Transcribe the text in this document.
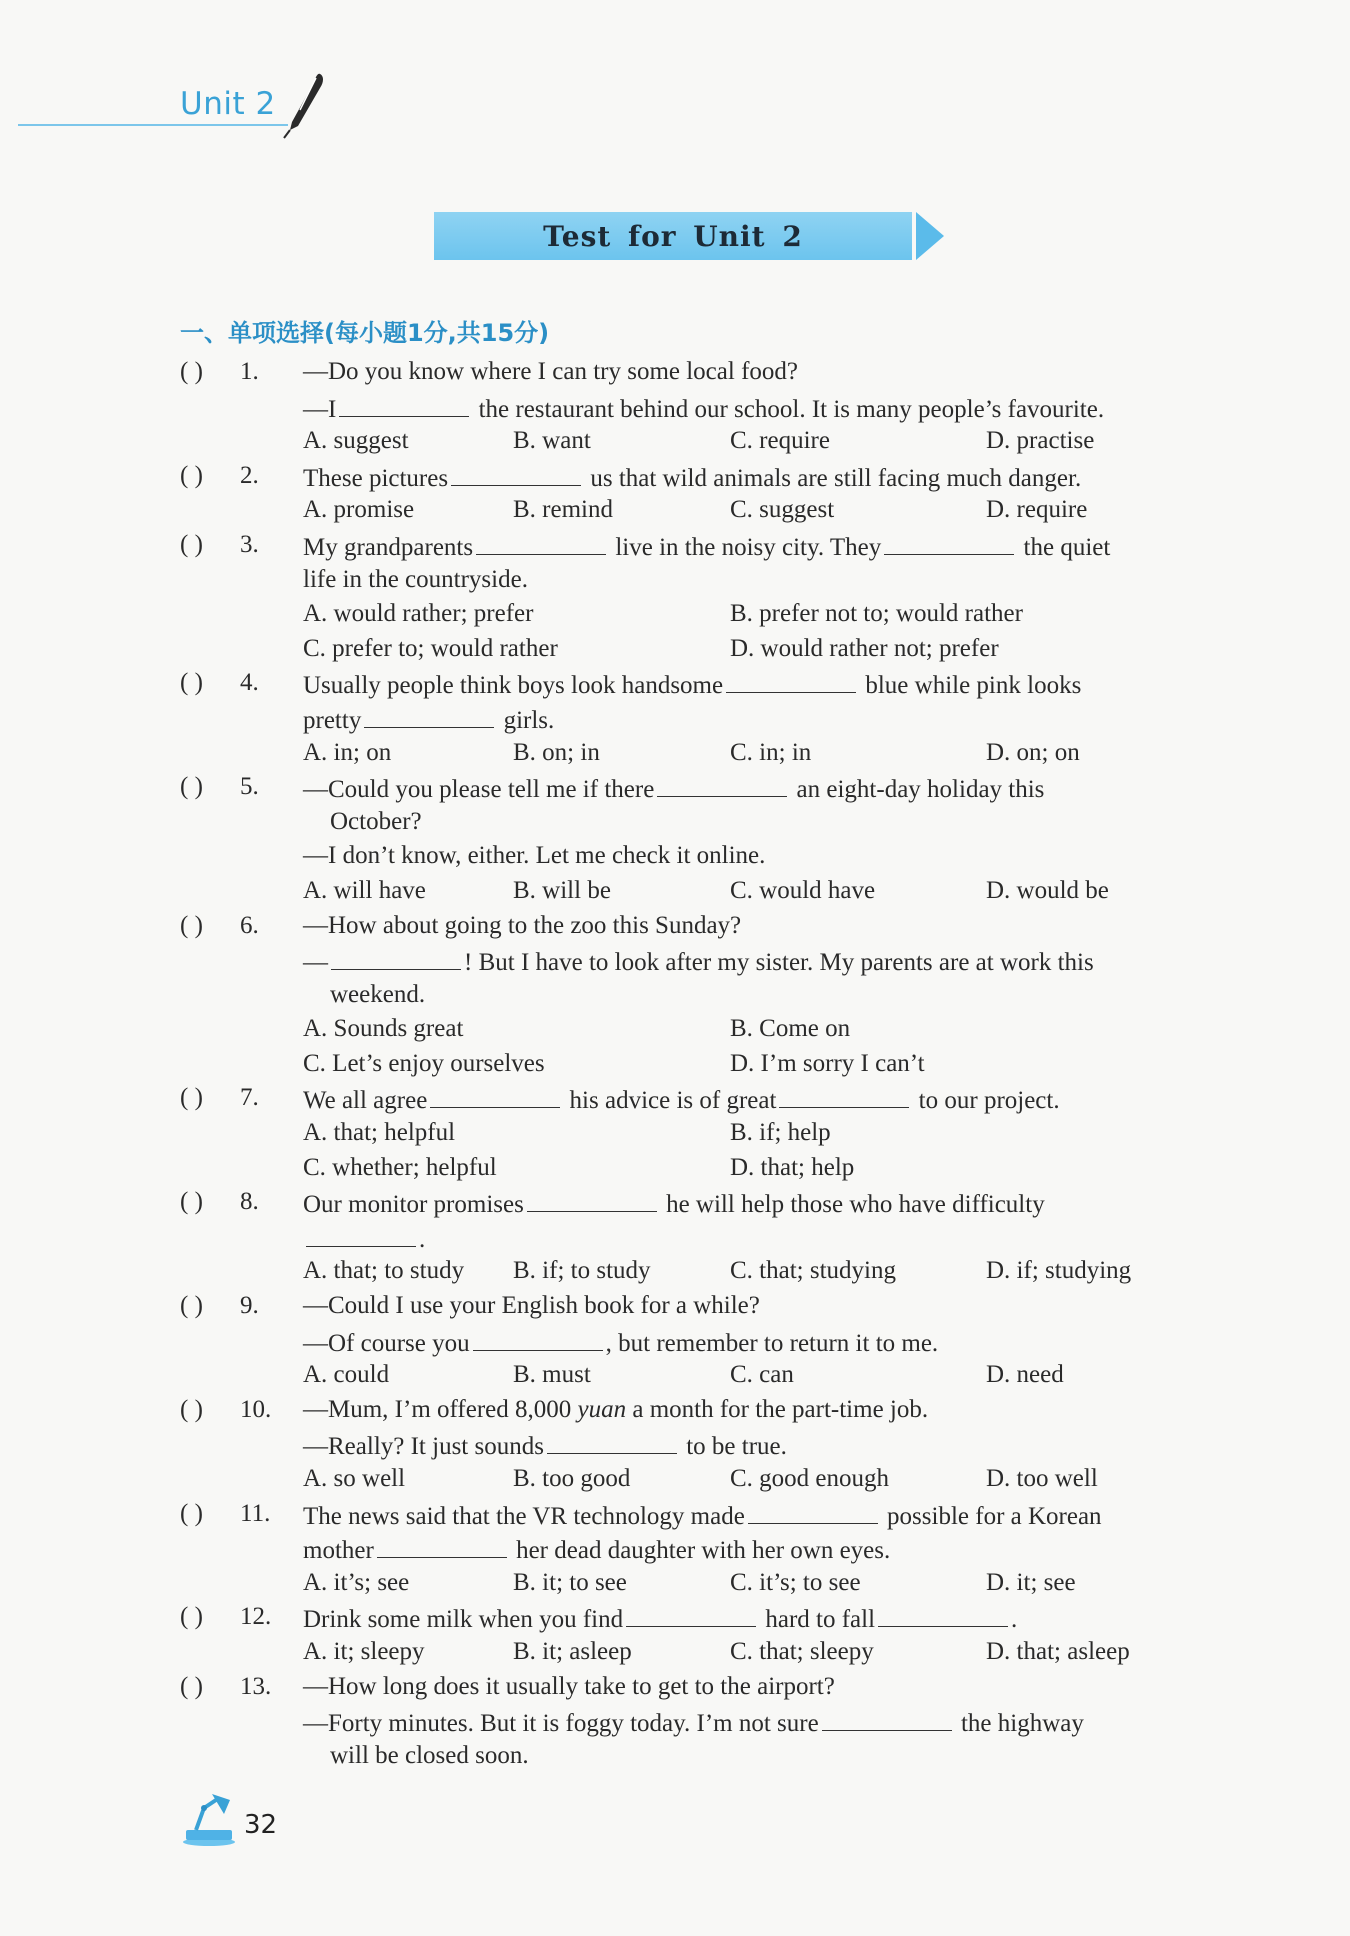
Unit 2
Test for Unit 2
一、单项选择(每小题1分,共15分)
( ) 1. —Do you know where I can try some local food?
—I	the restaurant behind our school. It is many people’s favourite.
A. suggest	B. want	C. require	D. practise
( ) 2. These pictures	us that wild animals are still facing much danger.
A. promise	B. remind	C. suggest	D. require
( ) 3. My grandparents	live in the noisy city. They	the quiet
life in the countryside.
A. would rather; prefer	B. prefer not to; would rather
C. prefer to; would rather	D. would rather not; prefer
( ) 4. Usually people think boys look handsome	blue while pink looks
pretty	girls.
A. in; on	B. on; in	C. in; in	D. on; on
( ) 5. —Could you please tell me if there	an eight-day holiday this
October?
—I don’t know, either. Let me check it online.
A. will have	B. will be	C. would have	D. would be
( ) 6. —How about going to the zoo this Sunday?
—	! But I have to look after my sister. My parents are at work this
weekend.
A. Sounds great	B. Come on
C. Let’s enjoy ourselves	D. I’m sorry I can’t
( ) 7. We all agree	his advice is of great	to our project.
A. that; helpful	B. if; help
C. whether; helpful	D. that; help
( ) 8. Our monitor promises	he will help those who have difficulty
.
A. that; to study B. if; to study	C. that; studying	D. if; studying
( ) 9. —Could I use your English book for a while?
—Of course you	, but remember to return it to me.
A. could	B. must	C. can	D. need
( ) 10. —Mum, I’m offered 8,000 yuan a month for the part-time job.
—Really? It just sounds	to be true.
A. so well	B. too good	C. good enough	D. too well
( ) 11. The news said that the VR technology made	possible for a Korean
mother	her dead daughter with her own eyes.
A. it’s; see	B. it; to see	C. it’s; to see	D. it; see
( ) 12. Drink some milk when you find	hard to fall	.
A. it; sleepy	B. it; asleep	C. that; sleepy	D. that; asleep
( ) 13. —How long does it usually take to get to the airport?
—Forty minutes. But it is foggy today. I’m not sure	the highway
will be closed soon.
32
